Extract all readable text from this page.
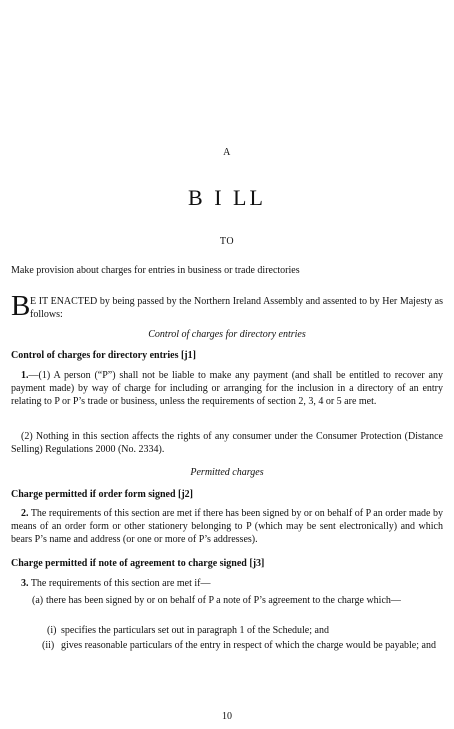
A
B I LL
TO
Make provision about charges for entries in business or trade directories
B E IT ENACTED by being passed by the Northern Ireland Assembly and assented to by Her Majesty as follows:
Control of charges for directory entries
Control of charges for directory entries [j1]
1.—(1) A person (“P”) shall not be liable to make any payment (and shall be entitled to recover any payment made) by way of charge for including or arranging for the inclusion in a directory of an entry relating to P or P’s trade or business, unless the requirements of section 2, 3, 4 or 5 are met.
(2) Nothing in this section affects the rights of any consumer under the Consumer Protection (Distance Selling) Regulations 2000 (No. 2334).
Permitted charges
Charge permitted if order form signed [j2]
2. The requirements of this section are met if there has been signed by or on behalf of P an order made by means of an order form or other stationery belonging to P (which may be sent electronically) and which bears P’s name and address (or one or more of P’s addresses).
Charge permitted if note of agreement to charge signed [j3]
3. The requirements of this section are met if—
(a) there has been signed by or on behalf of P a note of P’s agreement to the charge which—
(i) specifies the particulars set out in paragraph 1 of the Schedule; and
(ii) gives reasonable particulars of the entry in respect of which the charge would be payable; and
10
